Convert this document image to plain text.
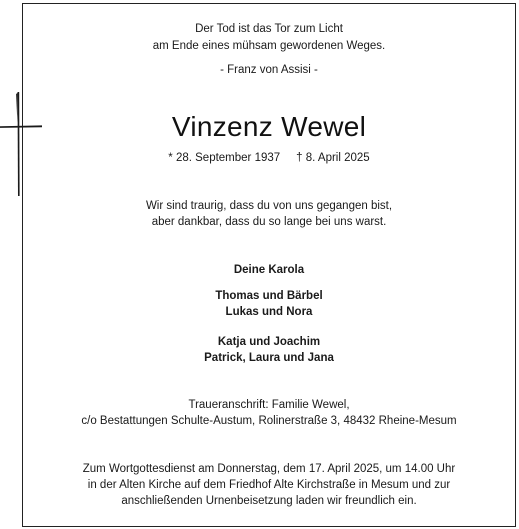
Der Tod ist das Tor zum Licht
am Ende eines mühsam gewordenen Weges.
- Franz von Assisi -
Vinzenz Wewel
* 28. September 1937 † 8. April 2025
Wir sind traurig, dass du von uns gegangen bist,
aber dankbar, dass du so lange bei uns warst.
Deine Karola
Thomas und Bärbel
Lukas und Nora
Katja und Joachim
Patrick, Laura und Jana
Traueranschrift: Familie Wewel,
c/o Bestattungen Schulte-Austum, Rolinerstraße 3, 48432 Rheine-Mesum
Zum Wortgottesdienst am Donnerstag, dem 17. April 2025, um 14.00 Uhr
in der Alten Kirche auf dem Friedhof Alte Kirchstraße in Mesum und zur
anschließenden Urnenbeisetzung laden wir freundlich ein.
